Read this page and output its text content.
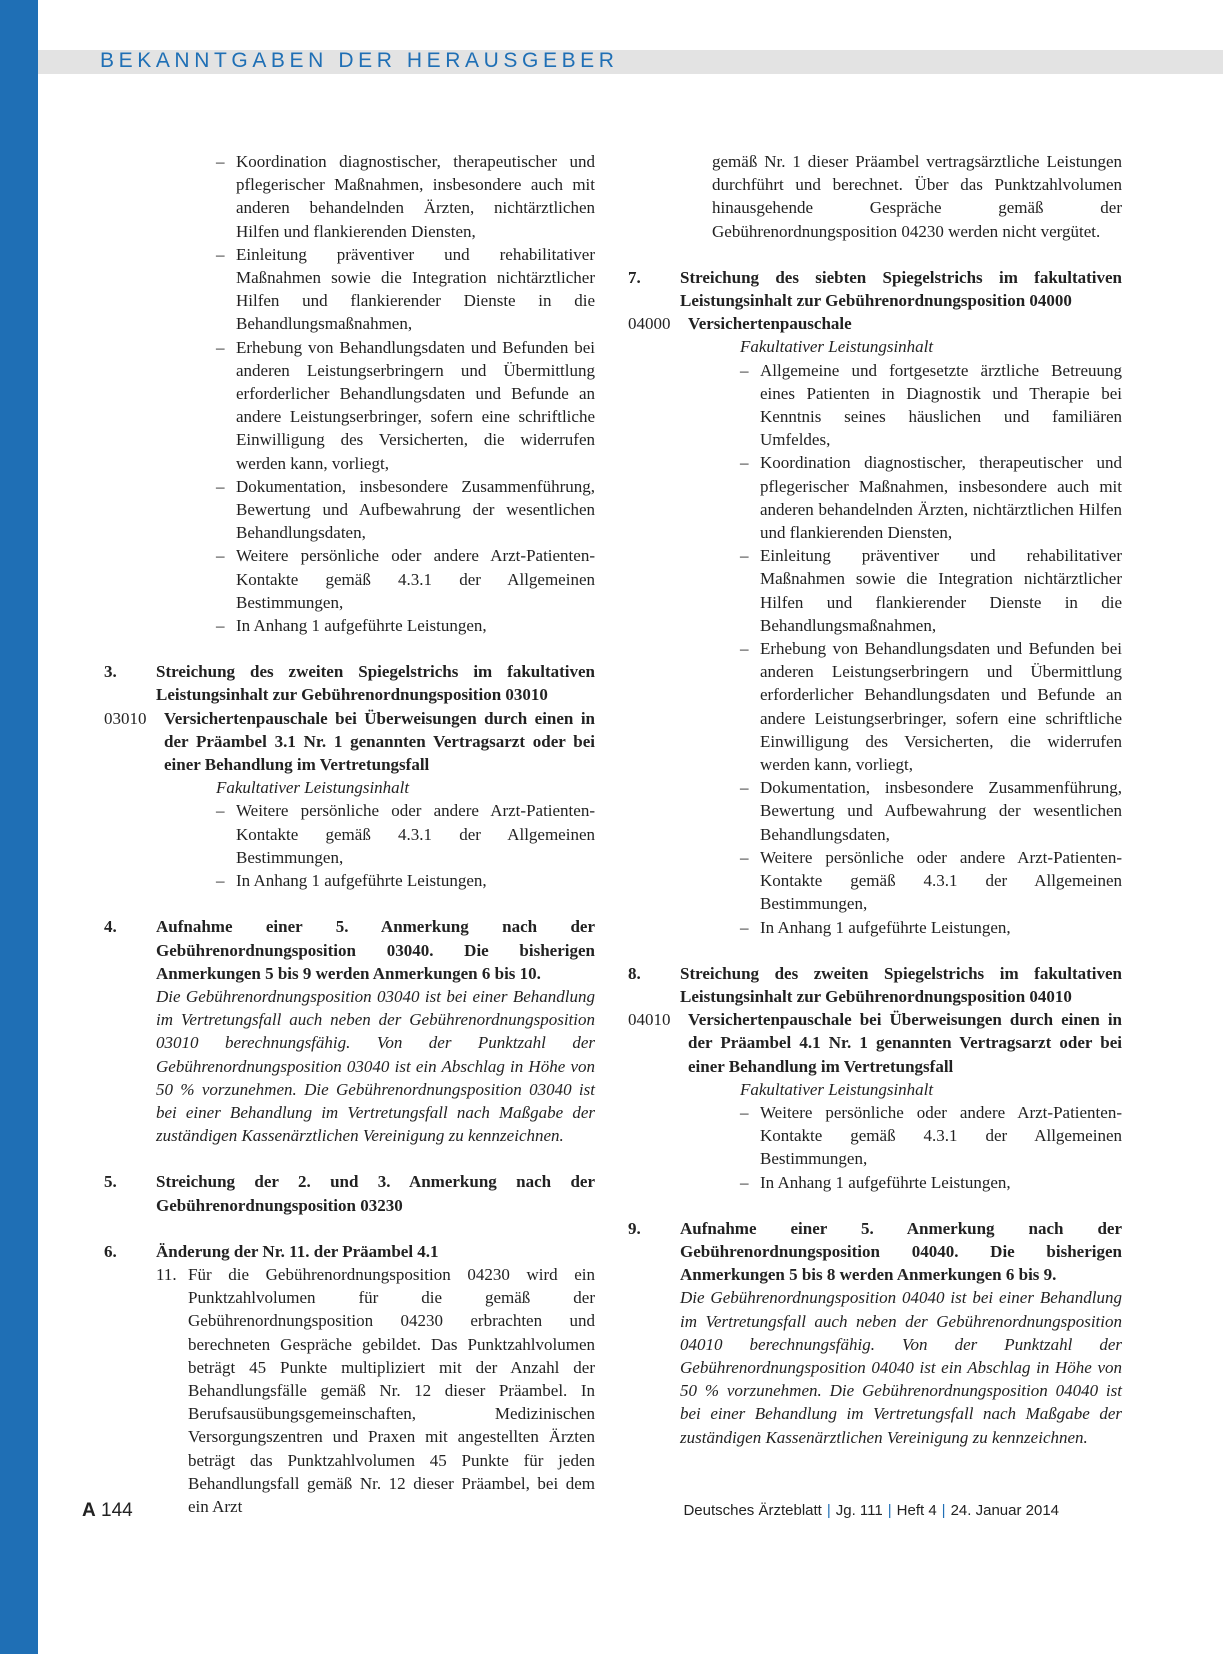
BEKANNTGABEN DER HERAUSGEBER
– Koordination diagnostischer, therapeutischer und pflegerischer Maßnahmen, insbesondere auch mit anderen behandelnden Ärzten, nichtärztlichen Hilfen und flankierenden Diensten,
– Einleitung präventiver und rehabilitativer Maßnahmen sowie die Integration nichtärztlicher Hilfen und flankierender Dienste in die Behandlungsmaßnahmen,
– Erhebung von Behandlungsdaten und Befunden bei anderen Leistungserbringern und Übermittlung erforderlicher Behandlungsdaten und Befunde an andere Leistungserbringer, sofern eine schriftliche Einwilligung des Versicherten, die widerrufen werden kann, vorliegt,
– Dokumentation, insbesondere Zusammenführung, Bewertung und Aufbewahrung der wesentlichen Behandlungsdaten,
– Weitere persönliche oder andere Arzt-Patienten-Kontakte gemäß 4.3.1 der Allgemeinen Bestimmungen,
– In Anhang 1 aufgeführte Leistungen,
3.	Streichung des zweiten Spiegelstrichs im fakultativen Leistungsinhalt zur Gebührenordnungsposition 03010
03010	Versichertenpauschale bei Überweisungen durch einen in der Präambel 3.1 Nr. 1 genannten Vertragsarzt oder bei einer Behandlung im Vertretungsfall
Fakultativer Leistungsinhalt
– Weitere persönliche oder andere Arzt-Patienten-Kontakte gemäß 4.3.1 der Allgemeinen Bestimmungen,
– In Anhang 1 aufgeführte Leistungen,
4.	Aufnahme einer 5. Anmerkung nach der Gebührenordnungsposition 03040. Die bisherigen Anmerkungen 5 bis 9 werden Anmerkungen 6 bis 10.
Die Gebührenordnungsposition 03040 ist bei einer Behandlung im Vertretungsfall auch neben der Gebührenordnungsposition 03010 berechnungsfähig. Von der Punktzahl der Gebührenordnungsposition 03040 ist ein Abschlag in Höhe von 50 % vorzunehmen. Die Gebührenordnungsposition 03040 ist bei einer Behandlung im Vertretungsfall nach Maßgabe der zuständigen Kassenärztlichen Vereinigung zu kennzeichnen.
5.	Streichung der 2. und 3. Anmerkung nach der Gebührenordnungsposition 03230
6.	Änderung der Nr. 11. der Präambel 4.1
11. Für die Gebührenordnungsposition 04230 wird ein Punktzahlvolumen für die gemäß der Gebührenordnungsposition 04230 erbrachten und berechneten Gespräche gebildet. Das Punktzahlvolumen beträgt 45 Punkte multipliziert mit der Anzahl der Behandlungsfälle gemäß Nr. 12 dieser Präambel. In Berufsausübungsgemeinschaften, Medizinischen Versorgungszentren und Praxen mit angestellten Ärzten beträgt das Punktzahlvolumen 45 Punkte für jeden Behandlungsfall gemäß Nr. 12 dieser Präambel, bei dem ein Arzt
gemäß Nr. 1 dieser Präambel vertragsärztliche Leistungen durchführt und berechnet. Über das Punktzahlvolumen hinausgehende Gespräche gemäß der Gebührenordnungsposition 04230 werden nicht vergütet.
7.	Streichung des siebten Spiegelstrichs im fakultativen Leistungsinhalt zur Gebührenordnungsposition 04000
04000	Versichertenpauschale
Fakultativer Leistungsinhalt
– Allgemeine und fortgesetzte ärztliche Betreuung eines Patienten in Diagnostik und Therapie bei Kenntnis seines häuslichen und familiären Umfeldes,
– Koordination diagnostischer, therapeutischer und pflegerischer Maßnahmen, insbesondere auch mit anderen behandelnden Ärzten, nichtärztlichen Hilfen und flankierenden Diensten,
– Einleitung präventiver und rehabilitativer Maßnahmen sowie die Integration nichtärztlicher Hilfen und flankierender Dienste in die Behandlungsmaßnahmen,
– Erhebung von Behandlungsdaten und Befunden bei anderen Leistungserbringern und Übermittlung erforderlicher Behandlungsdaten und Befunde an andere Leistungserbringer, sofern eine schriftliche Einwilligung des Versicherten, die widerrufen werden kann, vorliegt,
– Dokumentation, insbesondere Zusammenführung, Bewertung und Aufbewahrung der wesentlichen Behandlungsdaten,
– Weitere persönliche oder andere Arzt-Patienten-Kontakte gemäß 4.3.1 der Allgemeinen Bestimmungen,
– In Anhang 1 aufgeführte Leistungen,
8.	Streichung des zweiten Spiegelstrichs im fakultativen Leistungsinhalt zur Gebührenordnungsposition 04010
04010	Versichertenpauschale bei Überweisungen durch einen in der Präambel 4.1 Nr. 1 genannten Vertragsarzt oder bei einer Behandlung im Vertretungsfall
Fakultativer Leistungsinhalt
– Weitere persönliche oder andere Arzt-Patienten-Kontakte gemäß 4.3.1 der Allgemeinen Bestimmungen,
– In Anhang 1 aufgeführte Leistungen,
9.	Aufnahme einer 5. Anmerkung nach der Gebührenordnungsposition 04040. Die bisherigen Anmerkungen 5 bis 8 werden Anmerkungen 6 bis 9.
Die Gebührenordnungsposition 04040 ist bei einer Behandlung im Vertretungsfall auch neben der Gebührenordnungsposition 04010 berechnungsfähig. Von der Punktzahl der Gebührenordnungsposition 04040 ist ein Abschlag in Höhe von 50 % vorzunehmen. Die Gebührenordnungsposition 04040 ist bei einer Behandlung im Vertretungsfall nach Maßgabe der zuständigen Kassenärztlichen Vereinigung zu kennzeichnen.
A 144	Deutsches Ärzteblatt | Jg. 111 | Heft 4 | 24. Januar 2014
